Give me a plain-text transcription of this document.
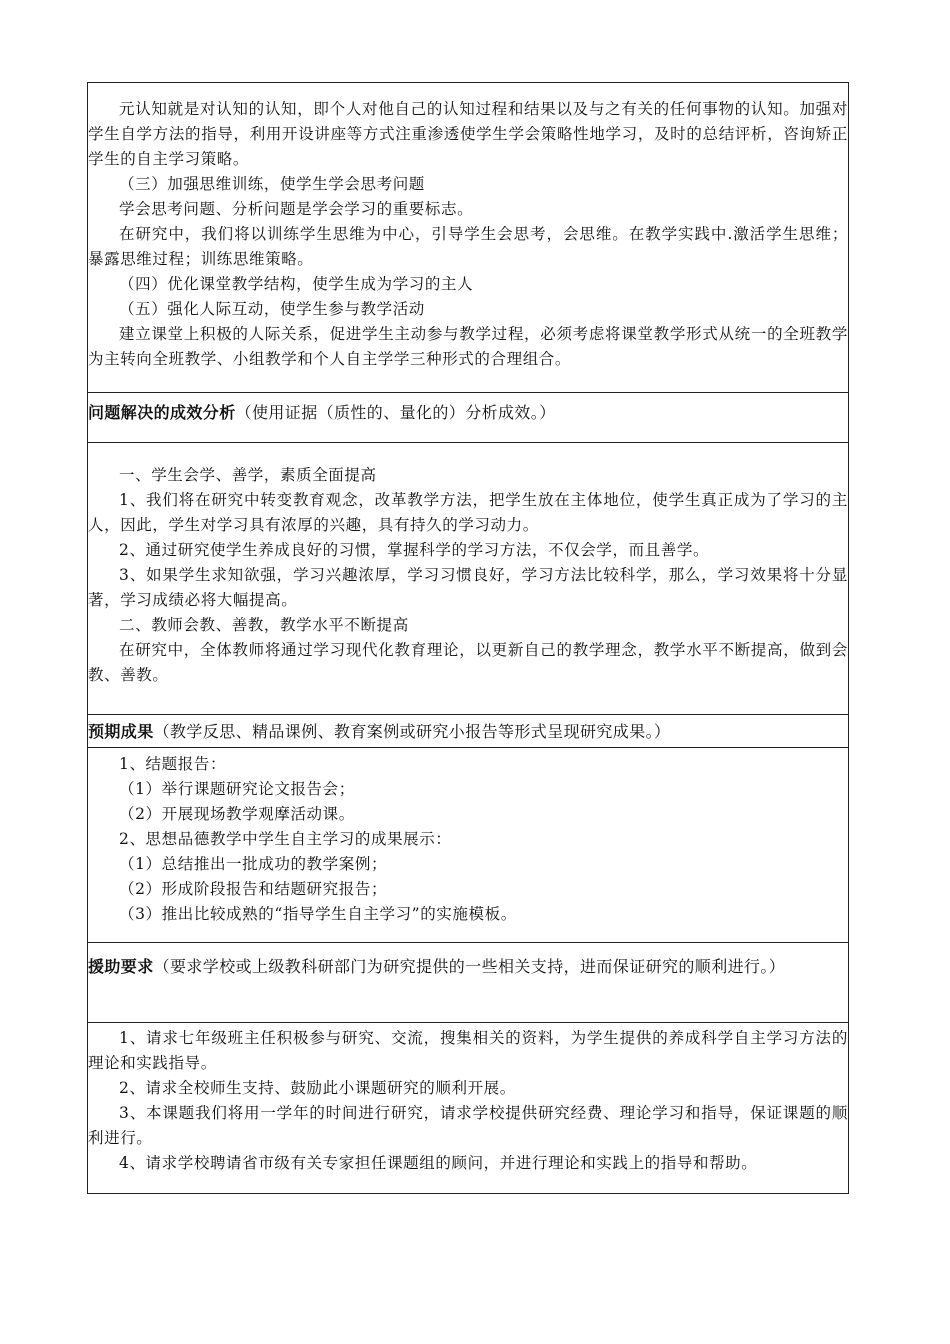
元认知就是对认知的认知，即个人对他自己的认知过程和结果以及与之有关的任何事物的认知。加强对学生自学方法的指导，利用开设讲座等方式注重渗透使学生学会策略性地学习，及时的总结评析，咨询矫正学生的自主学习策略。

（三）加强思维训练，使学生学会思考问题

学会思考问题、分析问题是学会学习的重要标志。

在研究中，我们将以训练学生思维为中心，引导学生会思考，会思维。在教学实践中.激活学生思维；暴露思维过程；训练思维策略。

（四）优化课堂教学结构，使学生成为学习的主人

（五）强化人际互动，使学生参与教学活动

建立课堂上积极的人际关系，促进学生主动参与教学过程，必须考虑将课堂教学形式从统一的全班教学为主转向全班教学、小组教学和个人自主学学三种形式的合理组合。

问题解决的成效分析（使用证据（质性的、量化的）分析成效。）

一、学生会学、善学，素质全面提高

1、我们将在研究中转变教育观念，改革教学方法，把学生放在主体地位，使学生真正成为了学习的主人，因此，学生对学习具有浓厚的兴趣，具有持久的学习动力。

2、通过研究使学生养成良好的习惯，掌握科学的学习方法，不仅会学，而且善学。

3、如果学生求知欲强，学习兴趣浓厚，学习习惯良好，学习方法比较科学，那么，学习效果将十分显著，学习成绩必将大幅提高。

二、教师会教、善教，教学水平不断提高

在研究中，全体教师将通过学习现代化教育理论，以更新自己的教学理念，教学水平不断提高，做到会教、善教。

预期成果（教学反思、精品课例、教育案例或研究小报告等形式呈现研究成果。）

1、结题报告：

（1）举行课题研究论文报告会；

（2）开展现场教学观摩活动课。

2、思想品德教学中学生自主学习的成果展示：

（1）总结推出一批成功的教学案例；

（2）形成阶段报告和结题研究报告；

（3）推出比较成熟的“指导学生自主学习”的实施模板。

援助要求（要求学校或上级教科研部门为研究提供的一些相关支持，进而保证研究的顺利进行。）

1、请求七年级班主任积极参与研究、交流，搜集相关的资料，为学生提供的养成科学自主学习方法的理论和实践指导。

2、请求全校师生支持、鼓励此小课题研究的顺利开展。

3、本课题我们将用一学年的时间进行研究，请求学校提供研究经费、理论学习和指导，保证课题的顺利进行。

4、请求学校聘请省市级有关专家担任课题组的顾问，并进行理论和实践上的指导和帮助。
